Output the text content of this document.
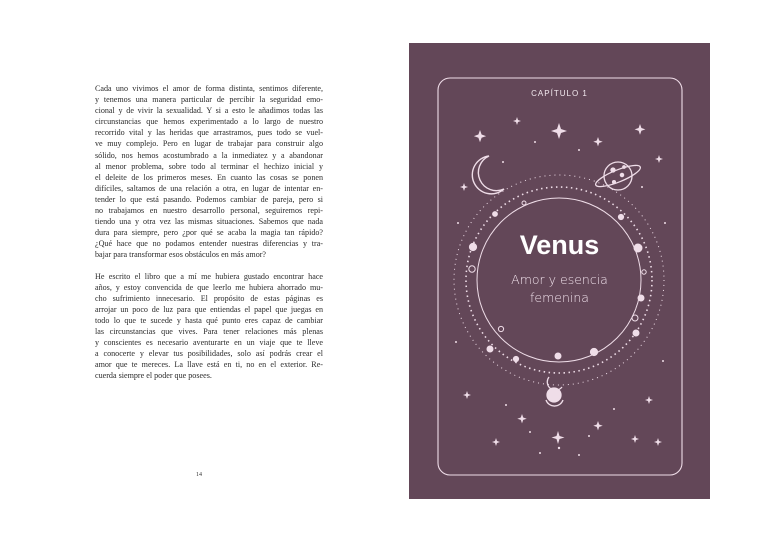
Cada uno vivimos el amor de forma distinta, sentimos diferente,
y tenemos una manera particular de percibir la seguridad emo-
cional y de vivir la sexualidad. Y si a esto le añadimos todas las
circunstancias que hemos experimentado a lo largo de nuestro
recorrido vital y las heridas que arrastramos, pues todo se vuel-
ve muy complejo. Pero en lugar de trabajar para construir algo
sólido, nos hemos acostumbrado a la inmediatez y a abandonar
al menor problema, sobre todo al terminar el hechizo inicial y
el deleite de los primeros meses. En cuanto las cosas se ponen
difíciles, saltamos de una relación a otra, en lugar de intentar en-
tender lo que está pasando. Podemos cambiar de pareja, pero si
no trabajamos en nuestro desarrollo personal, seguiremos repi-
tiendo una y otra vez las mismas situaciones. Sabemos que nada
dura para siempre, pero ¿por qué se acaba la magia tan rápido?
¿Qué hace que no podamos entender nuestras diferencias y tra-
bajar para transformar esos obstáculos en más amor?

He escrito el libro que a mí me hubiera gustado encontrar hace
años, y estoy convencida de que leerlo me hubiera ahorrado mu-
cho sufrimiento innecesario. El propósito de estas páginas es
arrojar un poco de luz para que entiendas el papel que juegas en
todo lo que te sucede y hasta qué punto eres capaz de cambiar
las circunstancias que vives. Para tener relaciones más plenas
y conscientes es necesario aventurarte en un viaje que te lleve
a conocerte y elevar tus posibilidades, solo así podrás crear el
amor que te mereces. La llave está en ti, no en el exterior. Re-
cuerda siempre el poder que posees.

14
CAPÍTULO 1
Venus
Amor y esencia femenina
